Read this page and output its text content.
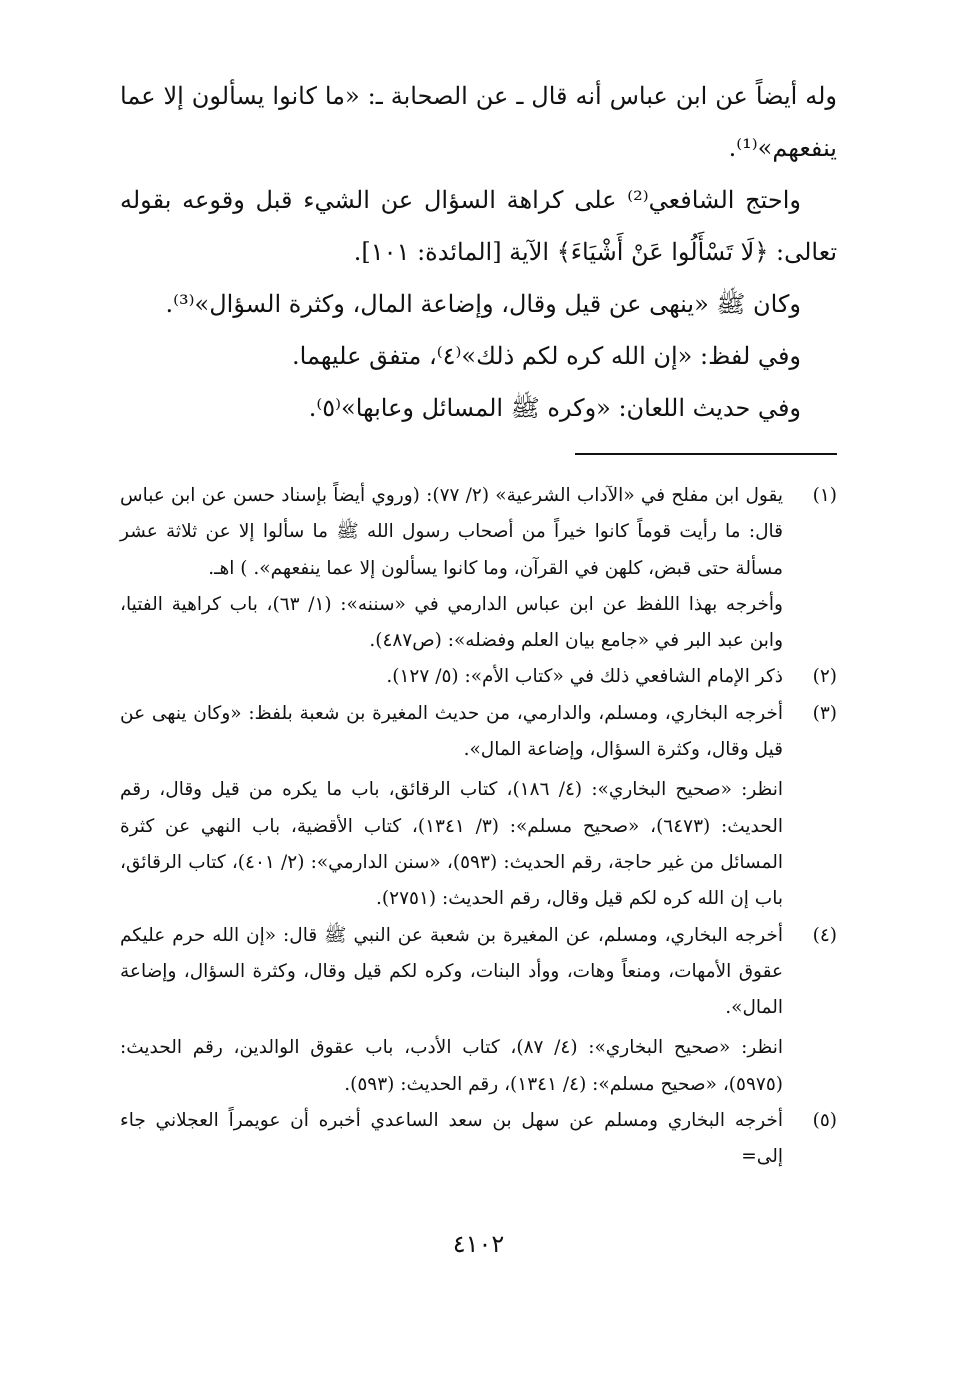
وله أيضاً عن ابن عباس أنه قال ـ عن الصحابة ـ: «ما كانوا يسألون إلا عما ينفعهم»⁽¹⁾.

واحتج الشافعي⁽²⁾ على كراهة السؤال عن الشيء قبل وقوعه بقوله تعالى: ﴿لَا تَسْأَلُوا عَنْ أَشْيَاءَ﴾ الآية [المائدة: ١٠١].

وكان ﷺ «ينهى عن قيل وقال، وإضاعة المال، وكثرة السؤال»⁽³⁾.

وفي لفظ: «إن الله كره لكم ذلك»⁽٤⁾، متفق عليهما.

وفي حديث اللعان: «وكره ﷺ المسائل وعابها»⁽٥⁾.

(١)

يقول ابن مفلح في «الآداب الشرعية» (٢/ ٧٧): (وروي أيضاً بإسناد حسن عن ابن عباس قال: ما رأيت قوماً كانوا خيراً من أصحاب رسول الله ﷺ ما سألوا إلا عن ثلاثة عشر مسألة حتى قبض، كلهن في القرآن، وما كانوا يسألون إلا عما ينفعهم». ) اهـ.

وأخرجه بهذا اللفظ عن ابن عباس الدارمي في «سننه»: (١/ ٦٣)، باب كراهية الفتيا، وابن عبد البر في «جامع بيان العلم وفضله»: (ص٤٨٧).

(٢)

ذكر الإمام الشافعي ذلك في «كتاب الأم»: (٥/ ١٢٧).

(٣)

أخرجه البخاري، ومسلم، والدارمي، من حديث المغيرة بن شعبة بلفظ: «وكان ينهى عن قيل وقال، وكثرة السؤال، وإضاعة المال».

انظر: «صحيح البخاري»: (٤/ ١٨٦)، كتاب الرقائق، باب ما يكره من قيل وقال، رقم الحديث: (٦٤٧٣)، «صحيح مسلم»: (٣/ ١٣٤١)، كتاب الأقضية، باب النهي عن كثرة المسائل من غير حاجة، رقم الحديث: (٥٩٣)، «سنن الدارمي»: (٢/ ٤٠١)، كتاب الرقائق، باب إن الله كره لكم قيل وقال، رقم الحديث: (٢٧٥١).

(٤)

أخرجه البخاري، ومسلم، عن المغيرة بن شعبة عن النبي ﷺ قال: «إن الله حرم عليكم عقوق الأمهات، ومنعاً وهات، ووأد البنات، وكره لكم قيل وقال، وكثرة السؤال، وإضاعة المال».

انظر: «صحيح البخاري»: (٤/ ٨٧)، كتاب الأدب، باب عقوق الوالدين، رقم الحديث: (٥٩٧٥)، «صحيح مسلم»: (٤/ ١٣٤١)، رقم الحديث: (٥٩٣).

(٥)

أخرجه البخاري ومسلم عن سهل بن سعد الساعدي أخبره أن عويمراً العجلاني جاء إلى=

٤١٠٢
